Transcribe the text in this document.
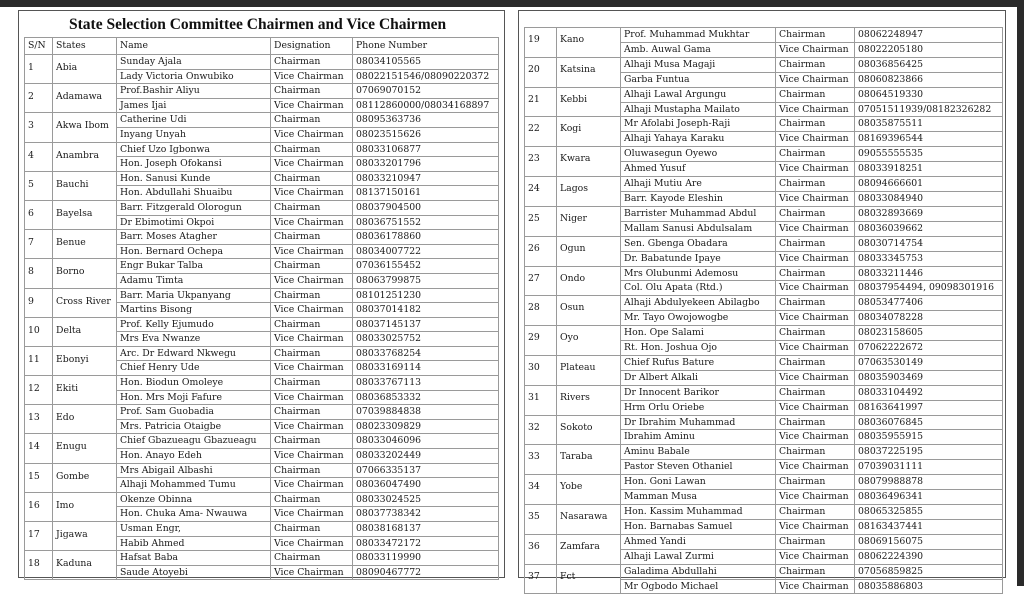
State Selection Committee Chairmen and Vice Chairmen
S/N	States	Name	Designation	Phone Number
1	Abia	Sunday Ajala	Chairman	08034105565
		Lady Victoria Onwubiko	Vice Chairman	08022151546/08090220372
2	Adamawa	Prof.Bashir Aliyu	Chairman	07069070152
		James Ijai	Vice Chairman	08112860000/08034168897
3	Akwa Ibom	Catherine Udi	Chairman	08095363736
		Inyang Unyah	Vice Chairman	08023515626
4	Anambra	Chief Uzo Igbonwa	Chairman	08033106877
		Hon. Joseph Ofokansi	Vice Chairman	08033201796
5	Bauchi	Hon. Sanusi Kunde	Chairman	08033210947
		Hon. Abdullahi Shuaibu	Vice Chairman	08137150161
6	Bayelsa	Barr. Fitzgerald Olorogun	Chairman	08037904500
		Dr Ebimotimi Okpoi	Vice Chairman	08036751552
7	Benue	Barr. Moses Atagher	Chairman	08036178860
		Hon. Bernard Ochepa	Vice Chairman	08034007722
8	Borno	Engr Bukar Talba	Chairman	07036155452
		Adamu Timta	Vice Chairman	08063799875
9	Cross River	Barr. Maria Ukpanyang	Chairman	08101251230
		Martins Bisong	Vice Chairman	08037014182
10	Delta	Prof. Kelly Ejumudo	Chairman	08037145137
		Mrs Eva Nwanze	Vice Chairman	08033025752
11	Ebonyi	Arc. Dr Edward Nkwegu	Chairman	08033768254
		Chief Henry Ude	Vice Chairman	08033169114
12	Ekiti	Hon. Biodun Omoleye	Chairman	08033767113
		Hon. Mrs Moji Fafure	Vice Chairman	08036853332
13	Edo	Prof. Sam Guobadia	Chairman	07039884838
		Mrs. Patricia Otaigbe	Vice Chairman	08023309829
14	Enugu	Chief Gbazueagu Gbazueagu	Chairman	08033046096
		Hon. Anayo Edeh	Vice Chairman	08033202449
15	Gombe	Mrs Abigail Albashi	Chairman	07066335137
		Alhaji Mohammed Tumu	Vice Chairman	08036047490
16	Imo	Okenze Obinna	Chairman	08033024525
		Hon. Chuka Ama- Nwauwa	Vice Chairman	08037738342
17	Jigawa	Usman Engr,	Chairman	08038168137
		Habib Ahmed	Vice Chairman	08033472172
18	Kaduna	Hafsat Baba	Chairman	08033119990
		Saude Atoyebi	Vice Chairman	08090467772
19	Kano	Prof. Muhammad Mukhtar	Chairman	08062248947
		Amb. Auwal Gama	Vice Chairman	08022205180
20	Katsina	Alhaji Musa Magaji	Chairman	08036856425
		Garba Funtua	Vice Chairman	08060823866
21	Kebbi	Alhaji Lawal Argungu	Chairman	08064519330
		Alhaji Mustapha Mailato	Vice Chairman	07051511939/08182326282
22	Kogi	Mr Afolabi Joseph-Raji	Chairman	08035875511
		Alhaji Yahaya Karaku	Vice Chairman	08169396544
23	Kwara	Oluwasegun Oyewo	Chairman	09055555535
		Ahmed Yusuf	Vice Chairman	08033918251
24	Lagos	Alhaji Mutiu Are	Chairman	08094666601
		Barr. Kayode Eleshin	Vice Chairman	08033084940
25	Niger	Barrister Muhammad Abdul	Chairman	08032893669
		Mallam Sanusi Abdulsalam	Vice Chairman	08036039662
26	Ogun	Sen. Gbenga Obadara	Chairman	08030714754
		Dr. Babatunde Ipaye	Vice Chairman	08033345753
27	Ondo	Mrs Olubunmi Ademosu	Chairman	08033211446
		Col. Olu Apata (Rtd.)	Vice Chairman	08037954494, 09098301916
28	Osun	Alhaji Abdulyekeen Abilagbo	Chairman	08053477406
		Mr. Tayo Owojowogbe	Vice Chairman	08034078228
29	Oyo	Hon. Ope Salami	Chairman	08023158605
		Rt. Hon. Joshua Ojo	Vice Chairman	07062222672
30	Plateau	Chief Rufus Bature	Chairman	07063530149
		Dr Albert Alkali	Vice Chairman	08035903469
31	Rivers	Dr Innocent Barikor	Chairman	08033104492
		Hrm Orlu Oriebe	Vice Chairman	08163641997
32	Sokoto	Dr Ibrahim Muhammad	Chairman	08036076845
		Ibrahim Aminu	Vice Chairman	08035955915
33	Taraba	Aminu Babale	Chairman	08037225195
		Pastor Steven Othaniel	Vice Chairman	07039031111
34	Yobe	Hon. Goni Lawan	Chairman	08079988878
		Mamman Musa	Vice Chairman	08036496341
35	Nasarawa	Hon. Kassim Muhammad	Chairman	08065325855
		Hon. Barnabas Samuel	Vice Chairman	08163437441
36	Zamfara	Ahmed Yandi	Chairman	08069156075
		Alhaji Lawal Zurmi	Vice Chairman	08062224390
37	Fct	Galadima Abdullahi	Chairman	07056859825
		Mr Ogbodo Michael	Vice Chairman	08035886803
